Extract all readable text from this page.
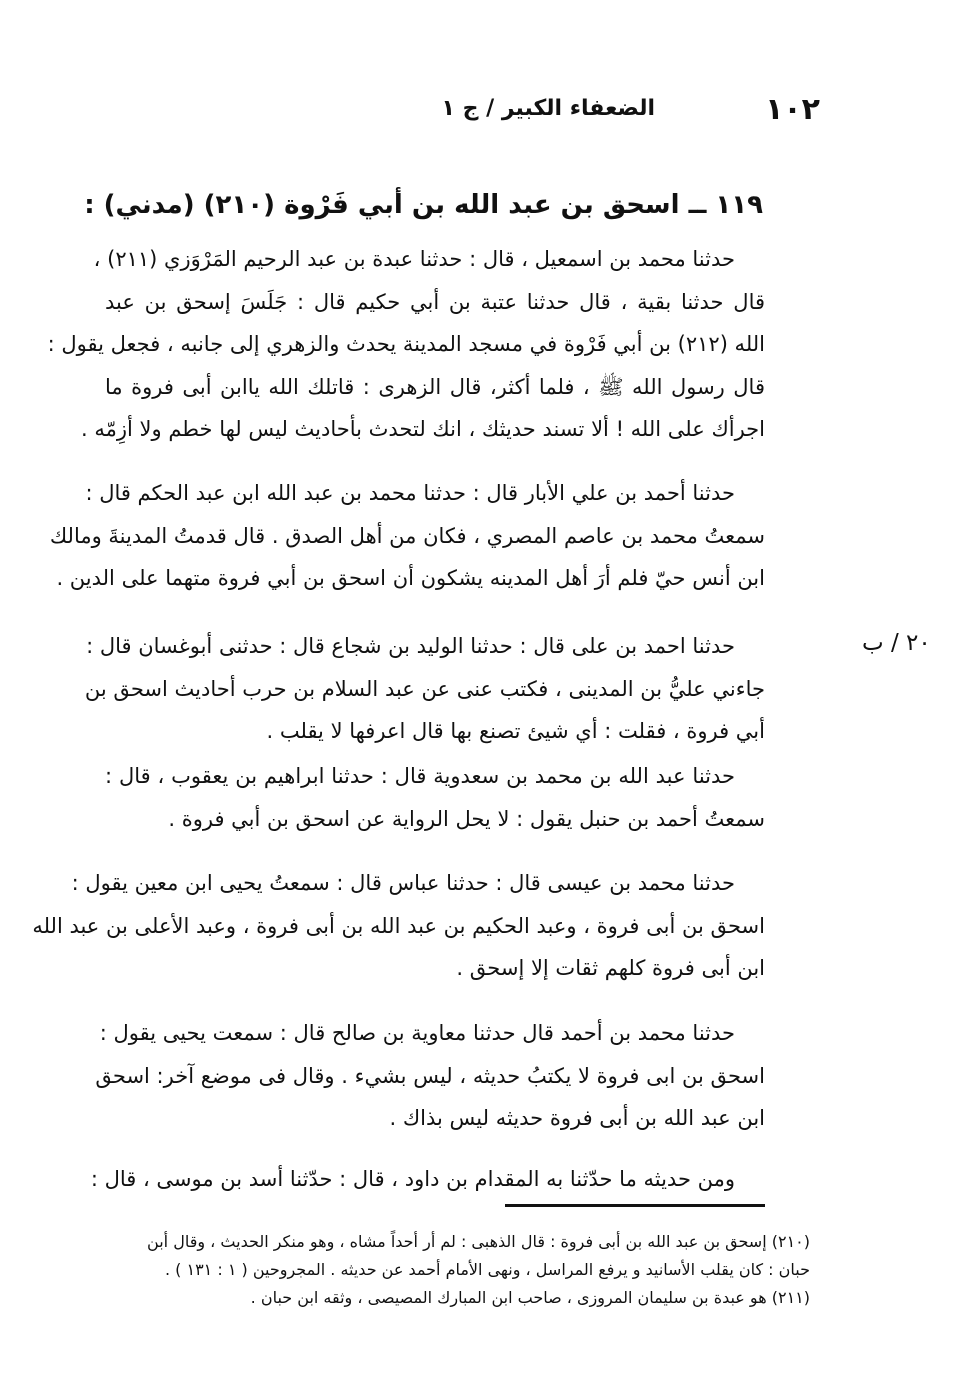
١٠٢
الضعفاء الكبير / ج ١
١١٩ ــ اسحق بن عبد الله بن أبي فَرْوة (٢١٠) (مدني) :
حدثنا محمد بن اسمعيل ، قال : حدثنا عبدة بن عبد الرحيم المَرْوَزي (٢١١) ،
قال حدثنا بقية ، قال حدثنا عتبة بن أبي حكيم قال : جَلَسَ إسحق بن عبد
الله (٢١٢) بن أبي فَرْوة في مسجد المدينة يحدث والزهري إلى جانبه ، فجعل يقول :
قال رسول الله ﷺ ، فلما أكثر، قال الزهرى : قاتلك الله ياابن أبى فروة ما
اجرأك على الله ! ألا تسند حديثك ، انك لتحدث بأحاديث ليس لها خطم ولا أزِمّه .
حدثنا أحمد بن علي الأبار قال : حدثنا محمد بن عبد الله ابن عبد الحكم قال :
سمعتُ محمد بن عاصم المصري ، فكان من أهل الصدق . قال قدمتُ المدينةَ ومالك
ابن أنس حيّ فلم أرَ أهل المدينه يشكون أن اسحق بن أبي فروة متهما على الدين .
حدثنا احمد بن على قال : حدثنا الوليد بن شجاع قال : حدثنى أبوغسان قال :
جاءني عليُّ بن المدينى ، فكتب عنى عن عبد السلام بن حرب أحاديث اسحق بن
أبي فروة ، فقلت : أي شيئ تصنع بها قال اعرفها لا يقلب .
حدثنا عبد الله بن محمد بن سعدوية قال : حدثنا ابراهيم بن يعقوب ، قال :
سمعتُ أحمد بن حنبل يقول : لا يحل الرواية عن اسحق بن أبي فروة .
حدثنا محمد بن عيسى قال : حدثنا عباس قال : سمعتُ يحيى ابن معين يقول :
اسحق بن أبى فروة ، وعبد الحكيم بن عبد الله بن أبى فروة ، وعبد الأعلى بن عبد الله
ابن أبى فروة كلهم ثقات إلا إسحق .
حدثنا محمد بن أحمد قال حدثنا معاوية بن صالح قال : سمعت يحيى يقول :
اسحق بن ابى فروة لا يكتبُ حديثه ، ليس بشيء . وقال فى موضع آخر: اسحق
ابن عبد الله بن أبى فروة حديثه ليس بذاك .
ومن حديثه ما حدّثنا به المقدام بن داود ، قال : حدّثنا أسد بن موسى ، قال :
٢٠ / ب
(٢١٠) إسحق بن عبد الله بن أبى فروة : قال الذهبى : لم أر أحداً مشاه ، وهو منكر الحديث ، وقال أبن
حبان : كان يقلب الأسانيد و يرفع المراسل ، ونهى الأمام أحمد عن حديثه . المجروحين ( ١ : ١٣١ ) .
(٢١١) هو عبدة بن سليمان المروزى ، صاحب ابن المبارك المصيصى ، وثقه ابن حبان .
